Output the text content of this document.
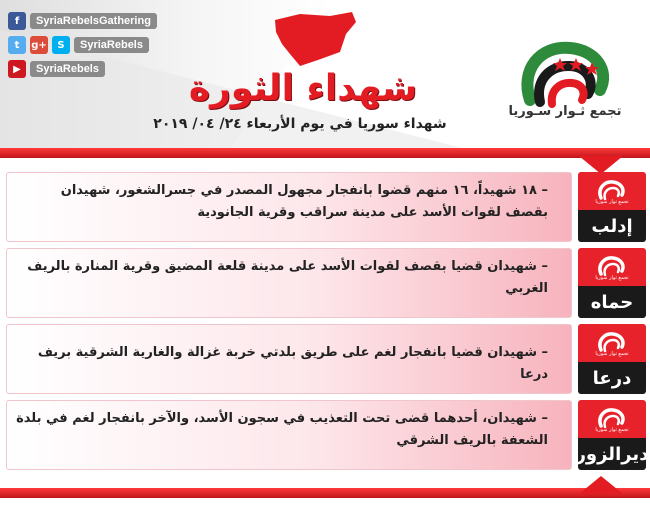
f	SyriaRebelsGathering
t	g+	S	SyriaRebels
▶	SyriaRebels	شهداء الثورة
شهداء سوريا في يوم الأربعاء ٢٤/ ٠٤/ ٢٠١٩
تجمع ثـوار سـوريا
– ١٨ شهيداً، ١٦ منهم قضوا بانفجار مجهول المصدر في جسرالشغور، شهيدان بقصف لقوات الأسد على مدينة سراقب وقرية الجانودية
تجمع ثوار سوريا
إدلب
– شهيدان قضيا بقصف لقوات الأسد على مدينة قلعة المضيق وقرية المنارة بالريف الغربي
تجمع ثوار سوريا
حماه
– شهيدان قضيا بانفجار لغم على طريق بلدتي خربة غزالة والغارية الشرقية بريف درعا
تجمع ثوار سوريا
درعا
– شهيدان، أحدهما قضى تحت التعذيب في سجون الأسد، والآخر بانفجار لغم في بلدة الشعفة بالريف الشرقي
تجمع ثوار سوريا
ديرالزور
